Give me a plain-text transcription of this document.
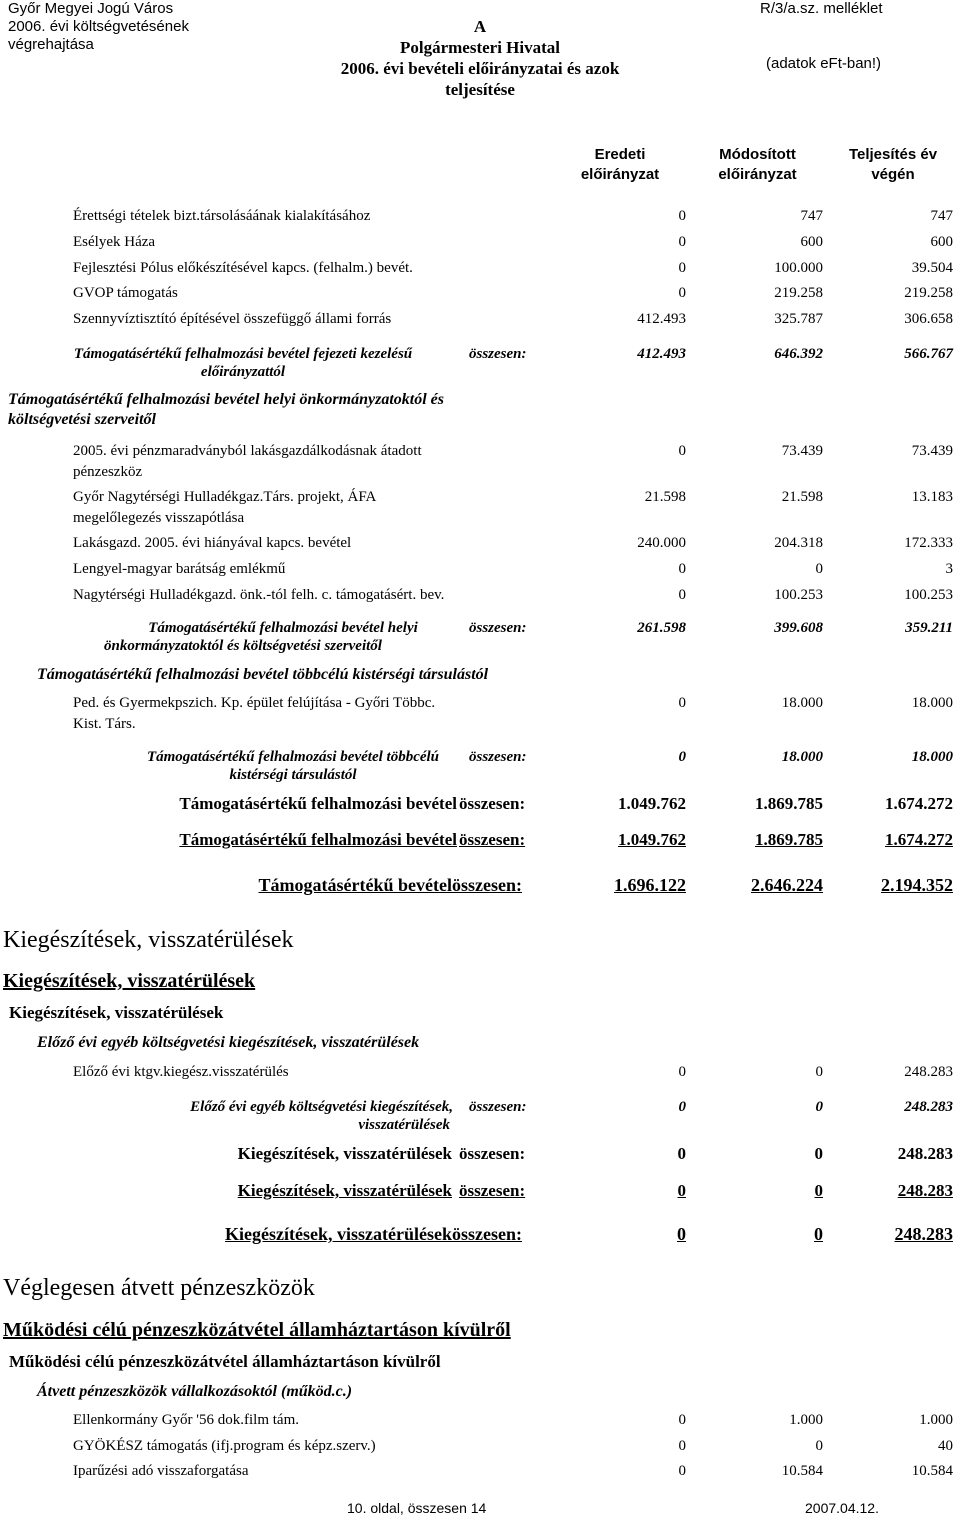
Győr Megyei Jogú Város
2006. évi költségvetésének
végrehajtása
A
Polgármesteri Hivatal
2006. évi bevételi előirányzatai és azok
teljesítése
R/3/a.sz. melléklet
(adatok eFt-ban!)
Eredeti
előirányzat
Módosított
előirányzat
Teljesítés év
végén
Érettségi tételek bizt.társolásáának kialakításához	0	747	747
Esélyek Háza	0	600	600
Fejlesztési Pólus előkészítésével kapcs. (felhalm.) bevét.	0	100.000	39.504
GVOP támogatás	0	219.258	219.258
Szennyvíztisztító építésével összefüggő állami forrás	412.493	325.787	306.658
Támogatásértékű felhalmozási bevétel fejezeti kezelésű
előirányzattól
összesen:	412.493	646.392	566.767
Támogatásértékű felhalmozási bevétel helyi önkormányzatoktól és
költségvetési szerveitől
2005. évi pénzmaradványból lakásgazdálkodásnak átadott
pénzeszköz
0	73.439	73.439
Győr Nagytérségi Hulladékgaz.Társ. projekt, ÁFA
megelőlegezés visszapótlása
21.598	21.598	13.183
Lakásgazd. 2005. évi hiányával kapcs. bevétel	240.000	204.318	172.333
Lengyel-magyar barátság emlékmű	0	0	3
Nagytérségi Hulladékgazd. önk.-tól felh. c. támogatásért. bev.	0	100.253	100.253
Támogatásértékű felhalmozási bevétel helyi
önkormányzatoktól és költségvetési szerveitől
összesen:	261.598	399.608	359.211
Támogatásértékű felhalmozási bevétel többcélú kistérségi társulástól
Ped. és Gyermekpszich. Kp. épület felújítása - Győri Többc.
Kist. Társ.
0	18.000	18.000
Támogatásértékű felhalmozási bevétel többcélú
kistérségi társulástól
összesen:	0	18.000	18.000
Támogatásértékű felhalmozási bevétel összesen:	1.049.762	1.869.785	1.674.272
Támogatásértékű felhalmozási bevétel összesen:	1.049.762	1.869.785	1.674.272
Támogatásértékű bevétel összesen:	1.696.122	2.646.224	2.194.352
Kiegészítések, visszatérülések
Kiegészítések, visszatérülések
Kiegészítések, visszatérülések
Előző évi egyéb költségvetési kiegészítések, visszatérülések
Előző évi ktgv.kiegész.visszatérülés	0	0	248.283
Előző évi egyéb költségvetési kiegészítések,
visszatérülések
összesen:	0	0	248.283
Kiegészítések, visszatérülések összesen:	0	0	248.283
Kiegészítések, visszatérülések összesen:	0	0	248.283
Kiegészítések, visszatérülések összesen:	0	0	248.283
Véglegesen átvett pénzeszközök
Működési célú pénzeszközátvétel államháztartáson kívülről
Működési célú pénzeszközátvétel államháztartáson kívülről
Átvett pénzeszközök vállalkozásoktól (működ.c.)
Ellenkormány Győr '56 dok.film tám.	0	1.000	1.000
GYÖKÉSZ támogatás (ifj.program és képz.szerv.)	0	0	40
Iparűzési adó visszaforgatása	0	10.584	10.584
10. oldal, összesen 14	2007.04.12.
